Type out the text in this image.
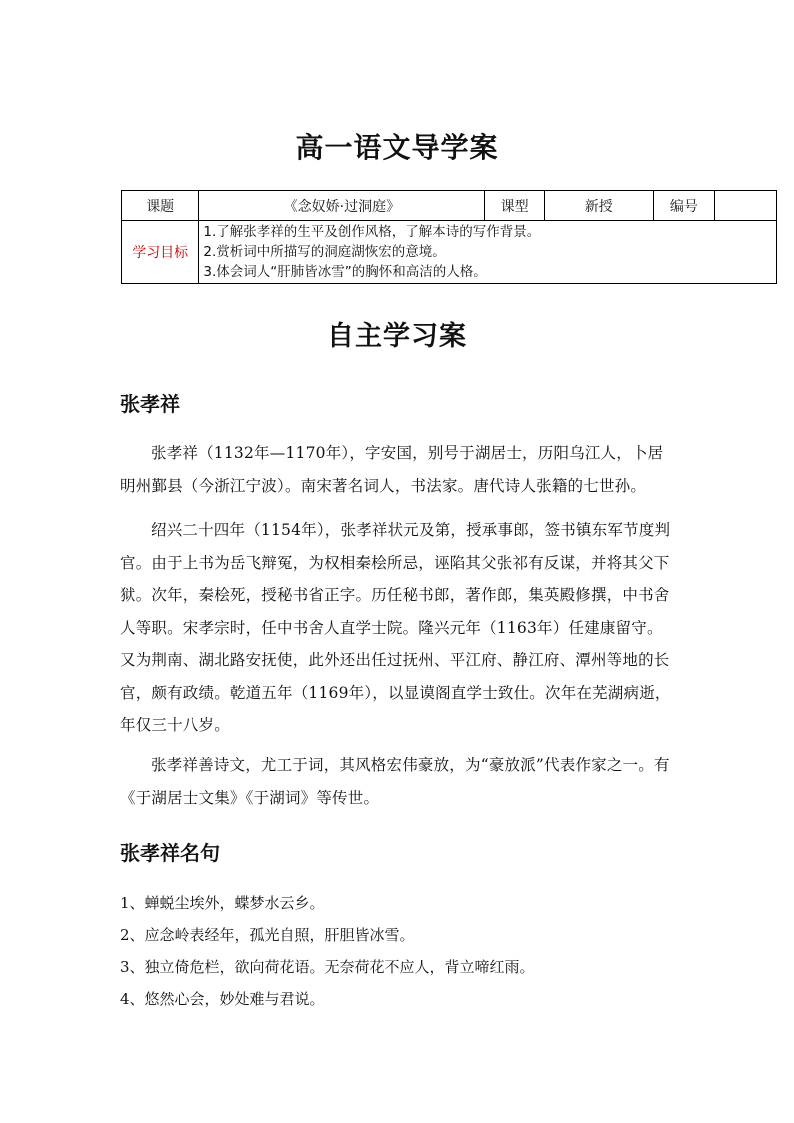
高一语文导学案
课题	《念奴娇·过洞庭》	课型	新授	编号	
学习目标	1.了解张孝祥的生平及创作风格，了解本诗的写作背景。
2.赏析词中所描写的洞庭湖恢宏的意境。
3.体会词人“肝肺皆冰雪”的胸怀和高洁的人格。				
自主学习案
张孝祥
张孝祥（1132年—1170年），字安国，别号于湖居士，历阳乌江人，卜居明州鄞县（今浙江宁波）。南宋著名词人，书法家。唐代诗人张籍的七世孙。
绍兴二十四年（1154年），张孝祥状元及第，授承事郎，签书镇东军节度判官。由于上书为岳飞辩冤，为权相秦桧所忌，诬陷其父张祁有反谋，并将其父下狱。次年，秦桧死，授秘书省正字。历任秘书郎，著作郎，集英殿修撰，中书舍人等职。宋孝宗时，任中书舍人直学士院。隆兴元年（1163年）任建康留守。又为荆南、湖北路安抚使，此外还出任过抚州、平江府、静江府、潭州等地的长官，颇有政绩。乾道五年（1169年），以显谟阁直学士致仕。次年在芜湖病逝，年仅三十八岁。
张孝祥善诗文，尤工于词，其风格宏伟豪放，为“豪放派”代表作家之一。有《于湖居士文集》《于湖词》等传世。
张孝祥名句
1、蝉蜕尘埃外，蝶梦水云乡。
2、应念岭表经年，孤光自照，肝胆皆冰雪。
3、独立倚危栏，欲向荷花语。无奈荷花不应人，背立啼红雨。
4、悠然心会，妙处难与君说。
